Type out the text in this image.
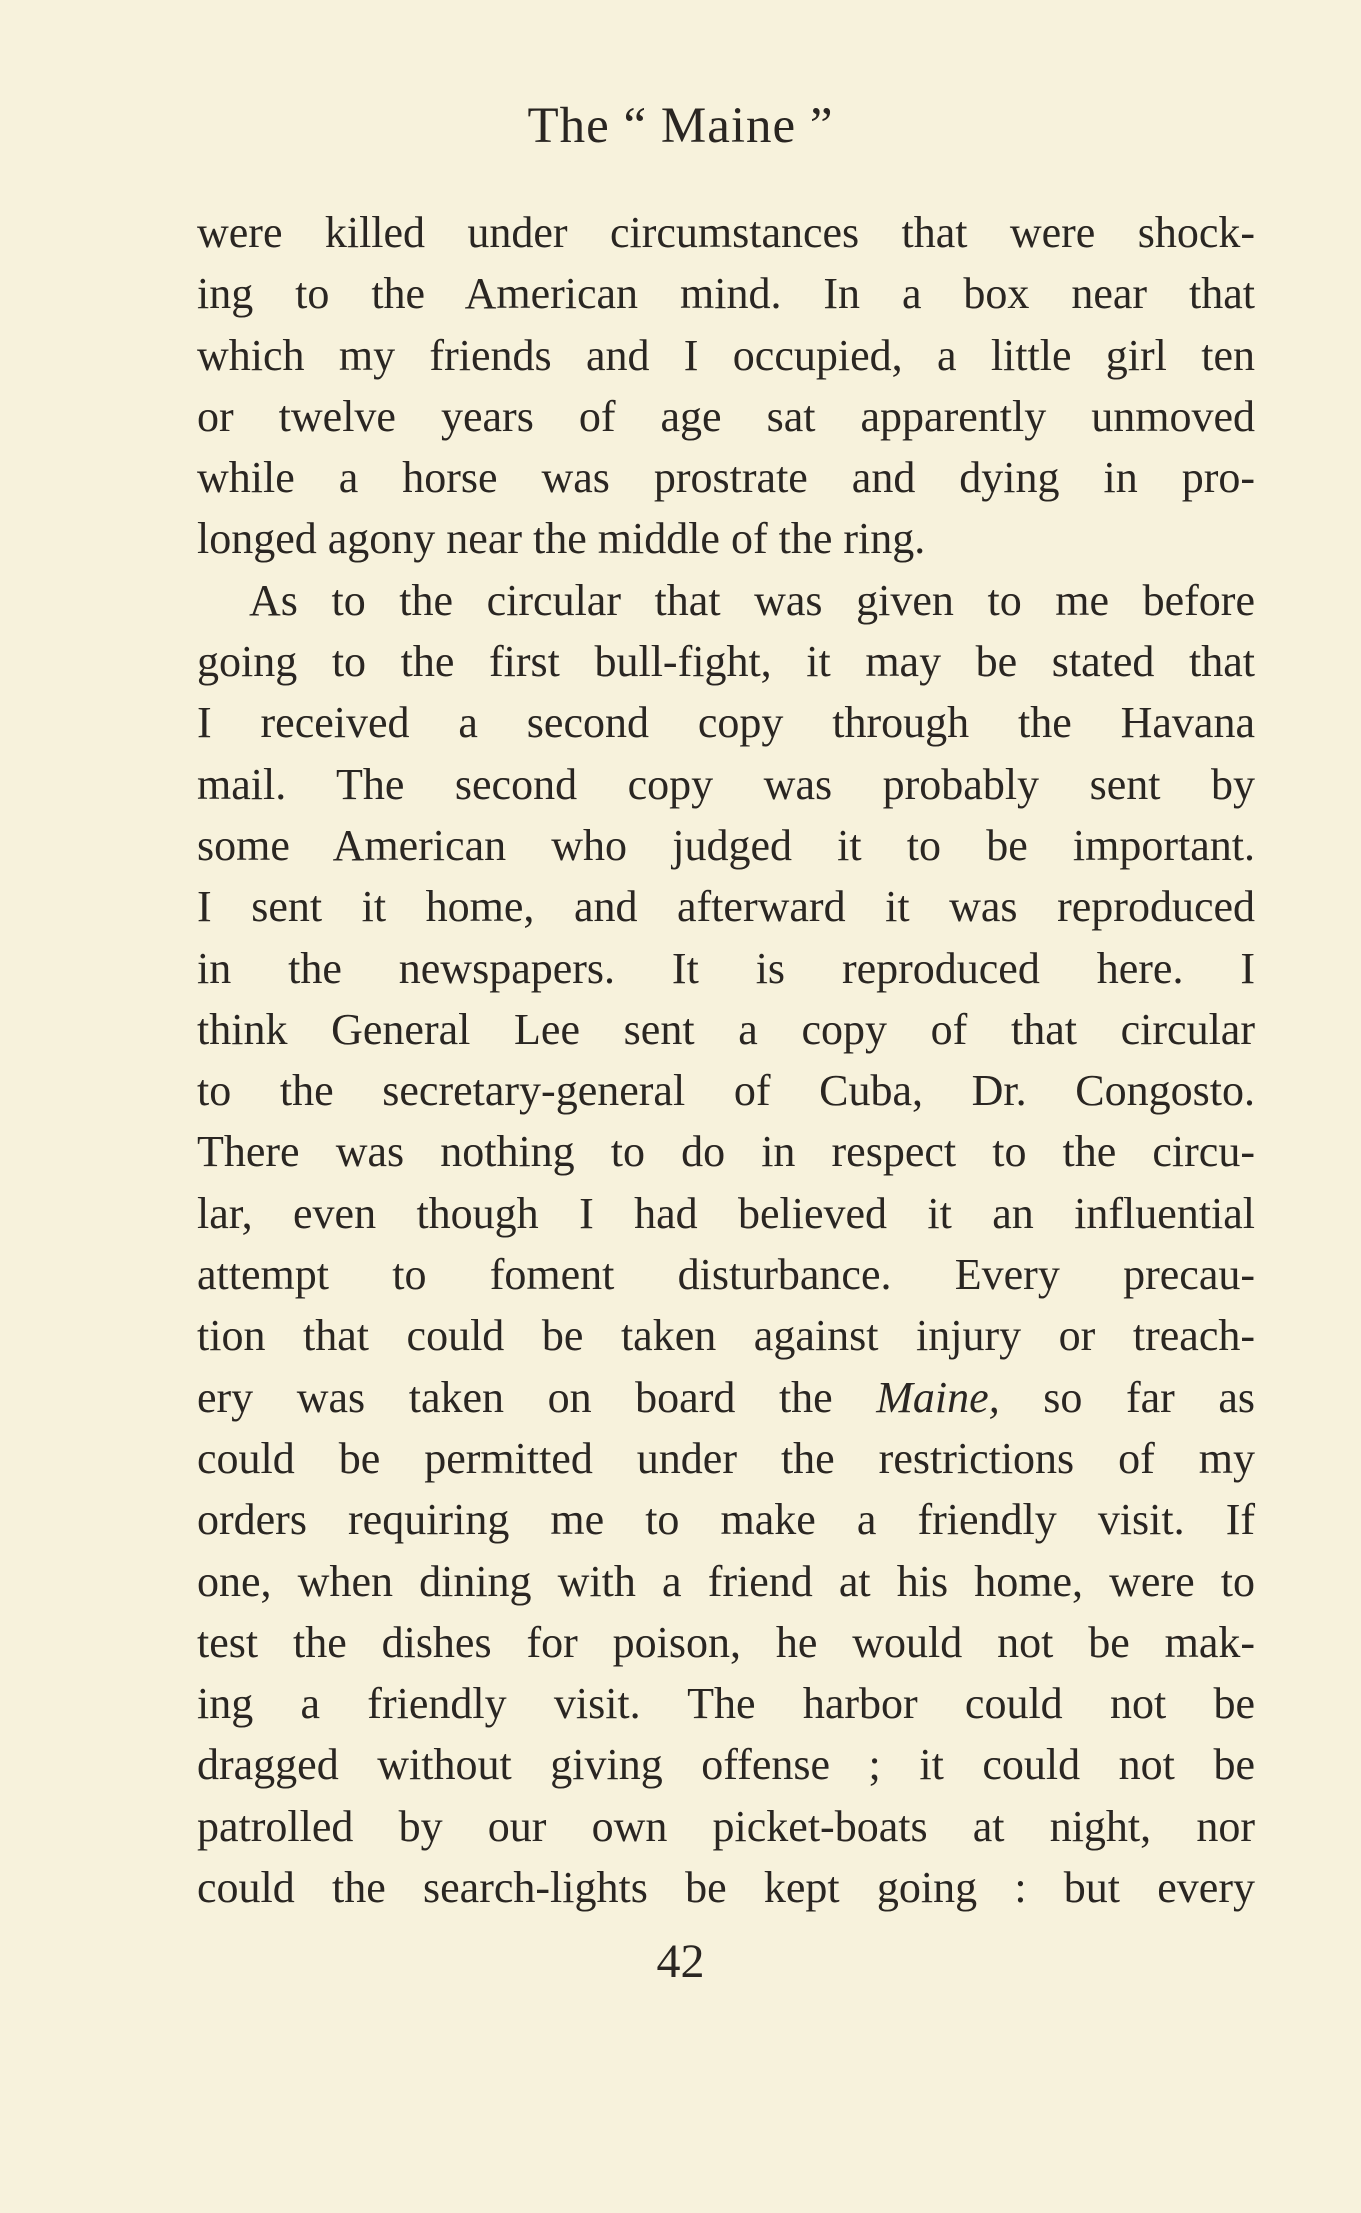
The “ Maine ”
were killed under circumstances that were shock-
ing to the American mind. In a box near that
which my friends and I occupied, a little girl ten
or twelve years of age sat apparently unmoved
while a horse was prostrate and dying in pro-
longed agony near the middle of the ring.
As to the circular that was given to me before
going to the first bull-fight, it may be stated that
I received a second copy through the Havana
mail. The second copy was probably sent by
some American who judged it to be important.
I sent it home, and afterward it was reproduced
in the newspapers. It is reproduced here. I
think General Lee sent a copy of that circular
to the secretary-general of Cuba, Dr. Congosto.
There was nothing to do in respect to the circu-
lar, even though I had believed it an influential
attempt to foment disturbance. Every precau-
tion that could be taken against injury or treach-
ery was taken on board the Maine, so far as
could be permitted under the restrictions of my
orders requiring me to make a friendly visit. If
one, when dining with a friend at his home, were to
test the dishes for poison, he would not be mak-
ing a friendly visit. The harbor could not be
dragged without giving offense ; it could not be
patrolled by our own picket-boats at night, nor
could the search-lights be kept going : but every
42
